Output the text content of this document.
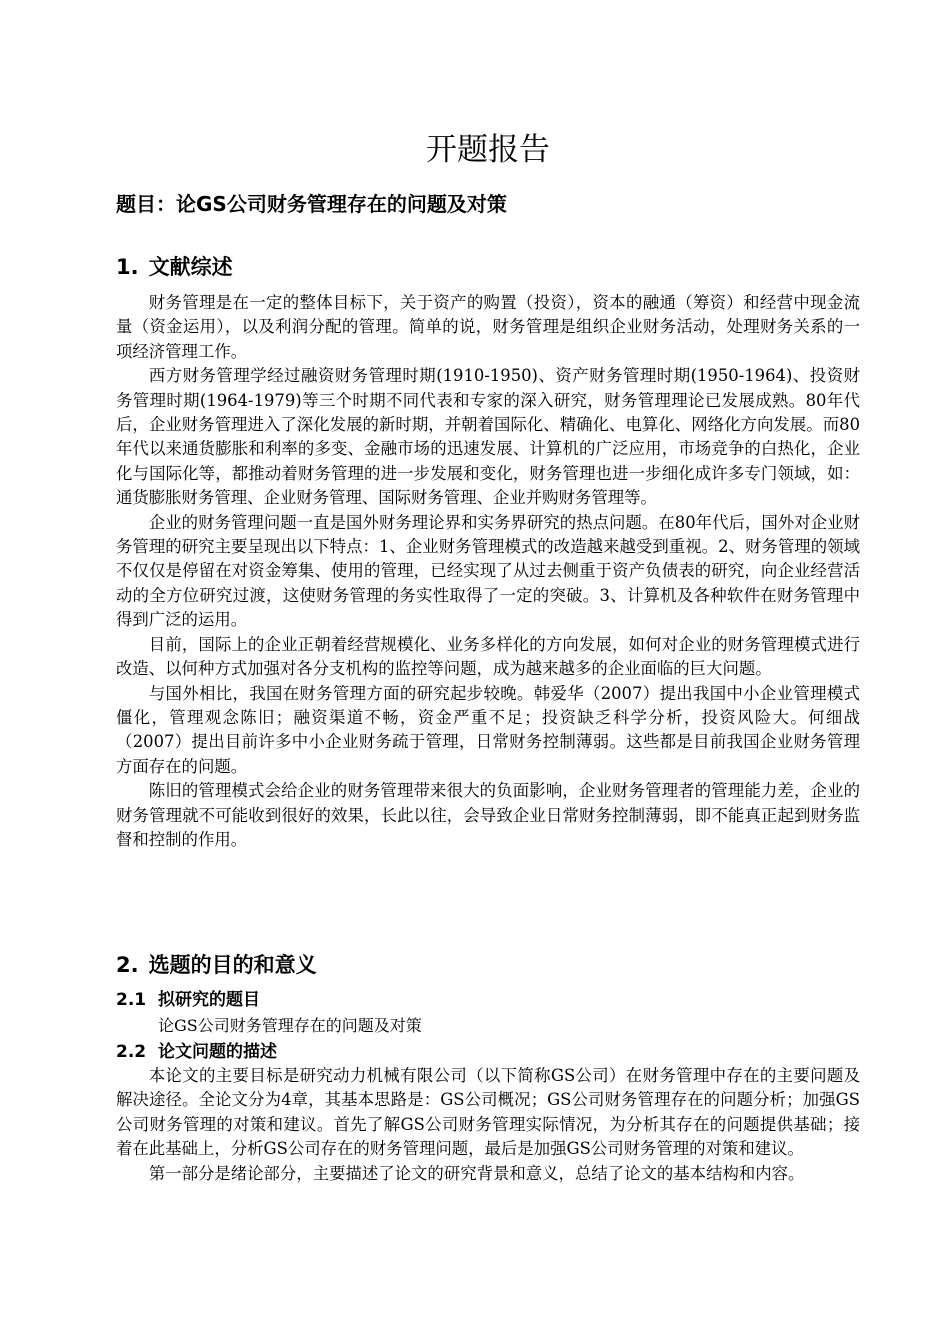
开题报告
题目：论GS公司财务管理存在的问题及对策
1. 文献综述

财务管理是在一定的整体目标下，关于资产的购置（投资），资本的融通（筹资）和经营中现金流量（资金运用），以及利润分配的管理。简单的说，财务管理是组织企业财务活动，处理财务关系的一项经济管理工作。

西方财务管理学经过融资财务管理时期(1910-1950)、资产财务管理时期(1950-1964)、投资财务管理时期(1964-1979)等三个时期不同代表和专家的深入研究，财务管理理论已发展成熟。80年代后，企业财务管理进入了深化发展的新时期，并朝着国际化、精确化、电算化、网络化方向发展。而80年代以来通货膨胀和利率的多变、金融市场的迅速发展、计算机的广泛应用，市场竞争的白热化，企业化与国际化等，都推动着财务管理的进一步发展和变化，财务管理也进一步细化成许多专门领域，如：通货膨胀财务管理、企业财务管理、国际财务管理、企业并购财务管理等。

企业的财务管理问题一直是国外财务理论界和实务界研究的热点问题。在80年代后，国外对企业财务管理的研究主要呈现出以下特点：1、企业财务管理模式的改造越来越受到重视。2、财务管理的领域不仅仅是停留在对资金筹集、使用的管理，已经实现了从过去侧重于资产负债表的研究，向企业经营活动的全方位研究过渡，这使财务管理的务实性取得了一定的突破。3、计算机及各种软件在财务管理中得到广泛的运用。

目前，国际上的企业正朝着经营规模化、业务多样化的方向发展，如何对企业的财务管理模式进行改造、以何种方式加强对各分支机构的监控等问题，成为越来越多的企业面临的巨大问题。

与国外相比，我国在财务管理方面的研究起步较晚。韩爱华（2007）提出我国中小企业管理模式僵化，管理观念陈旧；融资渠道不畅，资金严重不足；投资缺乏科学分析，投资风险大。何细战（2007）提出目前许多中小企业财务疏于管理，日常财务控制薄弱。这些都是目前我国企业财务管理方面存在的问题。

陈旧的管理模式会给企业的财务管理带来很大的负面影响，企业财务管理者的管理能力差，企业的财务管理就不可能收到很好的效果，长此以往，会导致企业日常财务控制薄弱，即不能真正起到财务监督和控制的作用。

2. 选题的目的和意义
2.1 拟研究的题目

论GS公司财务管理存在的问题及对策

2.2 论文问题的描述

本论文的主要目标是研究动力机械有限公司（以下简称GS公司）在财务管理中存在的主要问题及解决途径。全论文分为4章，其基本思路是：GS公司概况；GS公司财务管理存在的问题分析；加强GS公司财务管理的对策和建议。首先了解GS公司财务管理实际情况，为分析其存在的问题提供基础；接着在此基础上，分析GS公司存在的财务管理问题，最后是加强GS公司财务管理的对策和建议。

第一部分是绪论部分，主要描述了论文的研究背景和意义，总结了论文的基本结构和内容。
